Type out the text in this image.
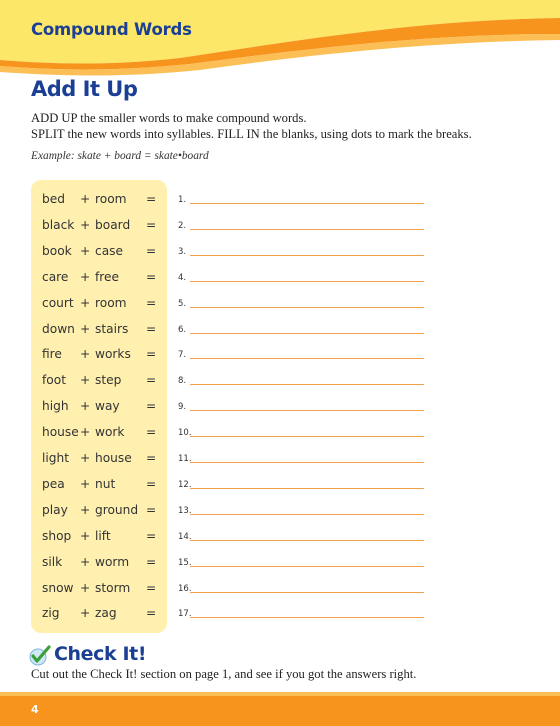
Compound Words
Add It Up
ADD UP the smaller words to make compound words.
SPLIT the new words into syllables. FILL IN the blanks, using dots to mark the breaks.
Example: skate + board = skate•board
bed + room =	1.
black + board =	2.
book + case =	3.
care + free =	4.
court + room =	5.
down + stairs =	6.
fire + works =	7.
foot + step =	8.
high + way =	9.
house + work =	10.
light + house =	11.
pea + nut	=	12.
play + ground =	13.
shop + lift	=	14.
silk + worm =	15.
snow + storm =	16.
zig + zag =	17.
Check It!
Cut out the Check It! section on page 1, and see if you got the answers right.
4
